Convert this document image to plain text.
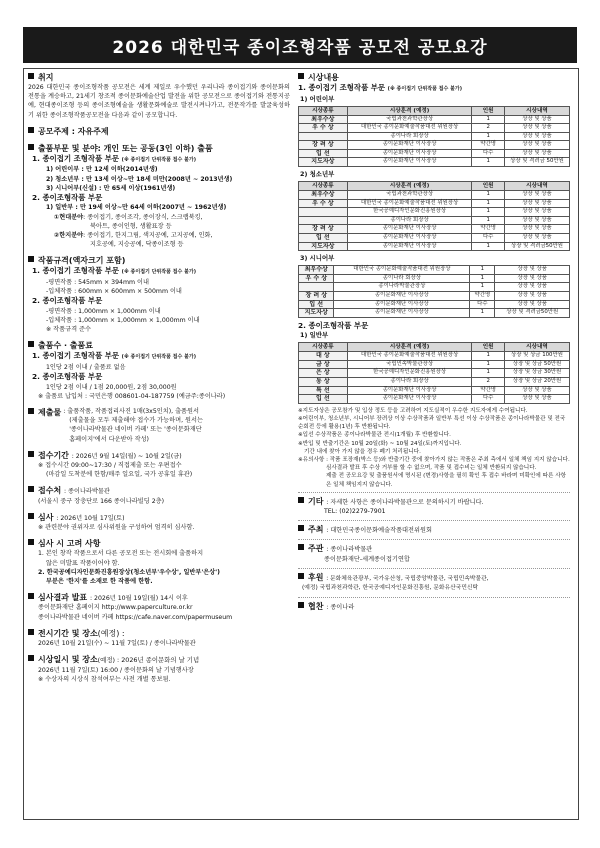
2026 대한민국 종이조형작품 공모전 공모요강
취지
2026 대한민국 종이조형작품 공모전은 세계 제일로 우수했던 우리나라 종이접기와 종이문화의 전통을 계승하고, 21세기 창조적 종이문화예술산업 발전을 위한 공모전으로 종이접기와 전통지공예, 현대종이조형 등의 종이조형예술을 생활문화예술로 발전시켜나가고, 전문작가를 발굴육성하기 위한 종이조형작품공모전을 다음과 같이 공모합니다.
공모주제 : 자유주제
출품부문 및 분야: 개인 또는 공동(3인 이하) 출품
1. 종이접기 조형작품 부문 (※ 종이접기 단위작품 접수 불가)
1) 어린이부 : 만 12세 이하(2014년생)
2) 청소년부 : 만 13세 이상~만 18세 미만(2008년 ~ 2013년생)
3) 시니어부(신설) : 만 65세 이상(1961년생)
2. 종이조형작품 부문
1) 일반부 : 만 19세 이상~만 64세 이하(2007년 ~ 1962년생)
①현대분야: 종이접기, 종이조각, 종이장식, 스크랩북킹,
북아트, 종이인형, 생활표장 등
②한지분야: 종이접기, 한지그림, 색지공예, 고지공예, 인화,
지호공예, 지승공예, 닥종이조형 등
작품규격(액자크기 포함)
1. 종이접기 조형작품 부문 (※ 종이접기 단위작품 접수 불가)
-평면작품 : 545mm × 394mm 이내
-입체작품 : 600mm × 600mm × 500mm 이내
2. 종이조형작품 부문
-평면작품 : 1,000mm × 1,000mm 이내
-입체작품 : 1,000mm × 1,000mm × 1,000mm 이내
※ 작품규격 준수
출품수 · 출품료
1. 종이접기 조형작품 부문 (※ 종이접기 단위작품 접수 불가)
1인당 2점 이내 / 출품료 없음
2. 종이조형작품 부문
1인당 2점 이내 / 1점 20,000원, 2점 30,000원
※ 출품료 납입처 : 국민은행 008601-04-187759 (예금주:종이나라)
제출물 : 출품작품, 작품접리사진 1매(3x5인치), 출품원서
(제출물을 모두 제출해야 접수가 가능하며, 원서는
'종이나라박물관 네이버 카페' 또는 '종이문화재단
홈페이지'에서 다운받아 작성)
접수기간 : 2026년 9월 14일(월) ~ 10월 2일(금)
※ 접수시간 09:00~17:30 / 직접제출 또는 우편접수
(마감일 도착분에 한함/매주 일요일, 국가 공휴일 휴관)
접수처 : 종이나라박물관
(서울시 중구 장충단로 166 종이나라빌딩 2층)
심사 : 2026년 10월 17일(토)
※ 관련분야 권위자로 심사위원을 구성하여 엄격히 심사함.
심사 시 고려 사항
1. 본인 창작 작품으로서 다른 공모전 또는 전시회에 출품하지
않은 미발표 작품이어야 함.
2. 한국공예디자인문화진흥원장상(청소년부'우수상', 일반부'은상')
부분은 '한지'를 소재로 한 작품에 한함.
심사결과 발표 : 2026년 10월 19일(월) 14시 이후
종이문화재단 홈페이지 http://www.paperculture.or.kr
종이나라박물관 네이버 카페 https://cafe.naver.com/papermuseum
전시기간 및 장소(예정) :
2026년 10월 21일(수) ~ 11월 7일(토) / 종이나라박물관
시상일시 및 장소(예정) : 2026년 종이문화의 날 기념
2026년 11월 7일(토) 16:00 / 종이문화의 날 기념행사장
※ 수상자의 시상식 참석여부는 사전 개별 통보됨.
시상내용
1. 종이접기 조형작품 부문 (※ 종이접기 단위작품 접수 불가)
1) 어린이부
시상종류	시상훈격 (예정)	인원	시상내역
최우수상	국립과천과학관장상	1	상장 및 상품
우 수 상	대한민국 종이문화예술작품대전 위원장상	2	상장 및 상품
	종이나라 회장상	1	상장 및 상품
장 려 상	종이문화재단 이사장상	약간명	상장 및 상품
입 선	종이문화재단 이사장상	다수	상장 및 상품
지도자상	종이문화재단 이사장상	1	상장 및 격려금 50만원
2) 청소년부
시상종류	시상훈격 (예정)	인원	시상내역
최우수상	국립과천과학관장상	1	상장 및 상품
우 수 상	대한민국 종이문화예술작품대전 위원장상	1	상장 및 상품
	한국공예디자인문화진흥원장상	1	상장 및 상품
	종이나라 회장상	1	상장 및 상품
장 려 상	종이문화재단 이사장상	약간명	상장 및 상품
입 선	종이문화재단 이사장상	다수	상장 및 상품
지도자상	종이문화재단 이사장상	1	상장 및 격려금50만원
3) 시니어부
최우수상	대한민국 종이문화예술작품대전 위원장상	1	상장 및 상품
우 수 상	종이나라 회장상	1	상장 및 상품
	종이나라박물관장상	1	상장 및 상품
장 려 상	종이문화재단 이사장상	약간명	상장 및 상품
입 선	종이문화재단 이사장상	다수	상장 및 상품
지도자상	종이문화재단 이사장상	1	상장 및 격려금50만원
2. 종이조형작품 부문
1) 일반부
시상종류	시상훈격 (예정)	인원	시상내역
대 상	대한민국 종이문화예술작품대전 위원장상	1	상장 및 상금 100만원
금 상	국립민속박물관장상	1	상장 및 상금 50만원
은 상	한국공예디자인문화진흥원장상	1	상장 및 상금 30만원
동 상	종이나라 회장상	2	상장 및 상금 20만원
특 선	종이문화재단 이사장상	약간명	상장 및 상품
입 선	종이문화재단 이사장상	다수	상장 및 상품
※지도자상은 공모참가 및 입상 정도 등을 고려하여 지도실적이 우수한 지도자에게 수여됩니다.
※어린이부, 청소년부, 시니어부 장려상 이상 수상작품과 일반부 특선 이상 수상작품은 종이나라박물관 및 전국 순회전 등에 활용(1년) 후 반환됩니다.
※입선 수상작품은 종이나라박물관 전시(1개월) 후 반환합니다.
※반입 및 반출기간은 10월 20일(화) ~ 10월 24일(토)까지입니다.
기간 내에 찾아 가지 않을 경우 폐기 처리됩니다.
※유의사항 : 작품 포장재(박스 등)와 반출기간 중에 찾아가지 않는 작품은 주최 측에서 일체 책임 지지 않습니다.
심사결과 발표 후 수상 거부를 할 수 없으며, 작품 및 접수비는 일체 반환되지 않습니다.
제출 전 공모요강 및 출품원서에 명시된 (변경)사항을 필히 확인 후 접수 바라며 미확인에 따른 사항은 일체 책임지지 않습니다.
기타 : 자세한 사항은 종이나라박물관으로 문의하시기 바랍니다.
TEL: (02)2279-7901
주최 : 대한민국종이문화예술작품대전위원회
주관 : 종이나라박물관
종이문화재단-세계종이접기연합
후원 : 문화체육관광부, 국가유산청, 국립중앙박물관, 국립민속박물관,
(예정) 국립과천과학관, 한국공예디자인문화진흥원, 문화유산국민신탁
협찬 : 종이나라
